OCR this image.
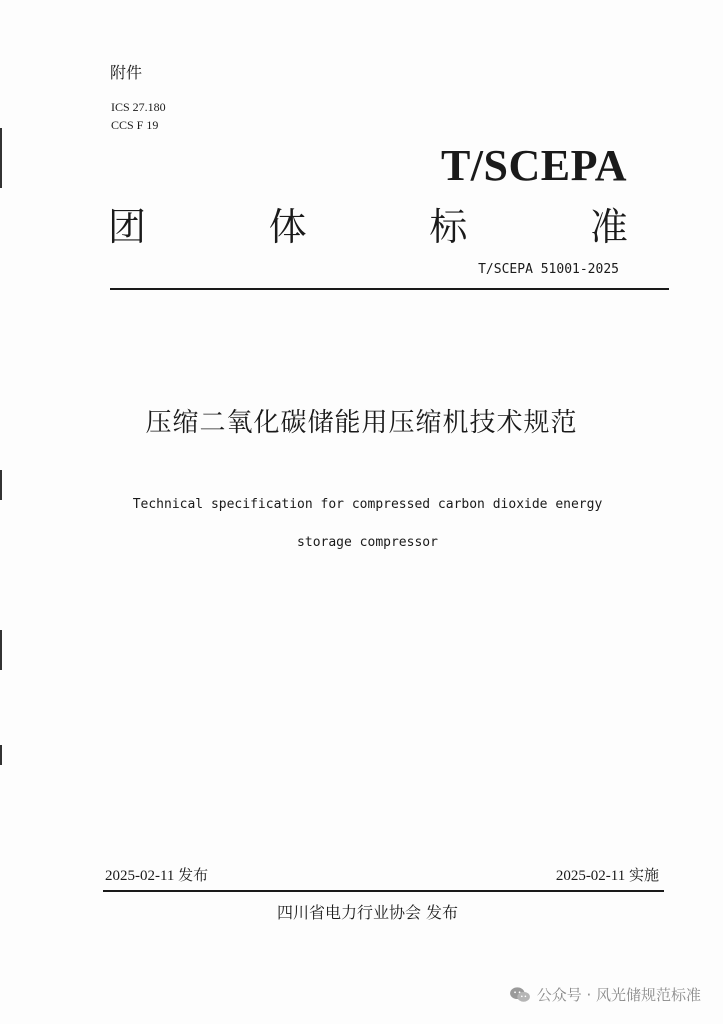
附件
ICS 27.180
CCS F 19
T/SCEPA
团	体	标	准
T/SCEPA 51001-2025
压缩二氧化碳储能用压缩机技术规范
Technical specification for compressed carbon dioxide energy
storage compressor
2025-02-11 发布	2025-02-11 实施
四川省电力行业协会 发布
公众号 · 风光储规范标准
